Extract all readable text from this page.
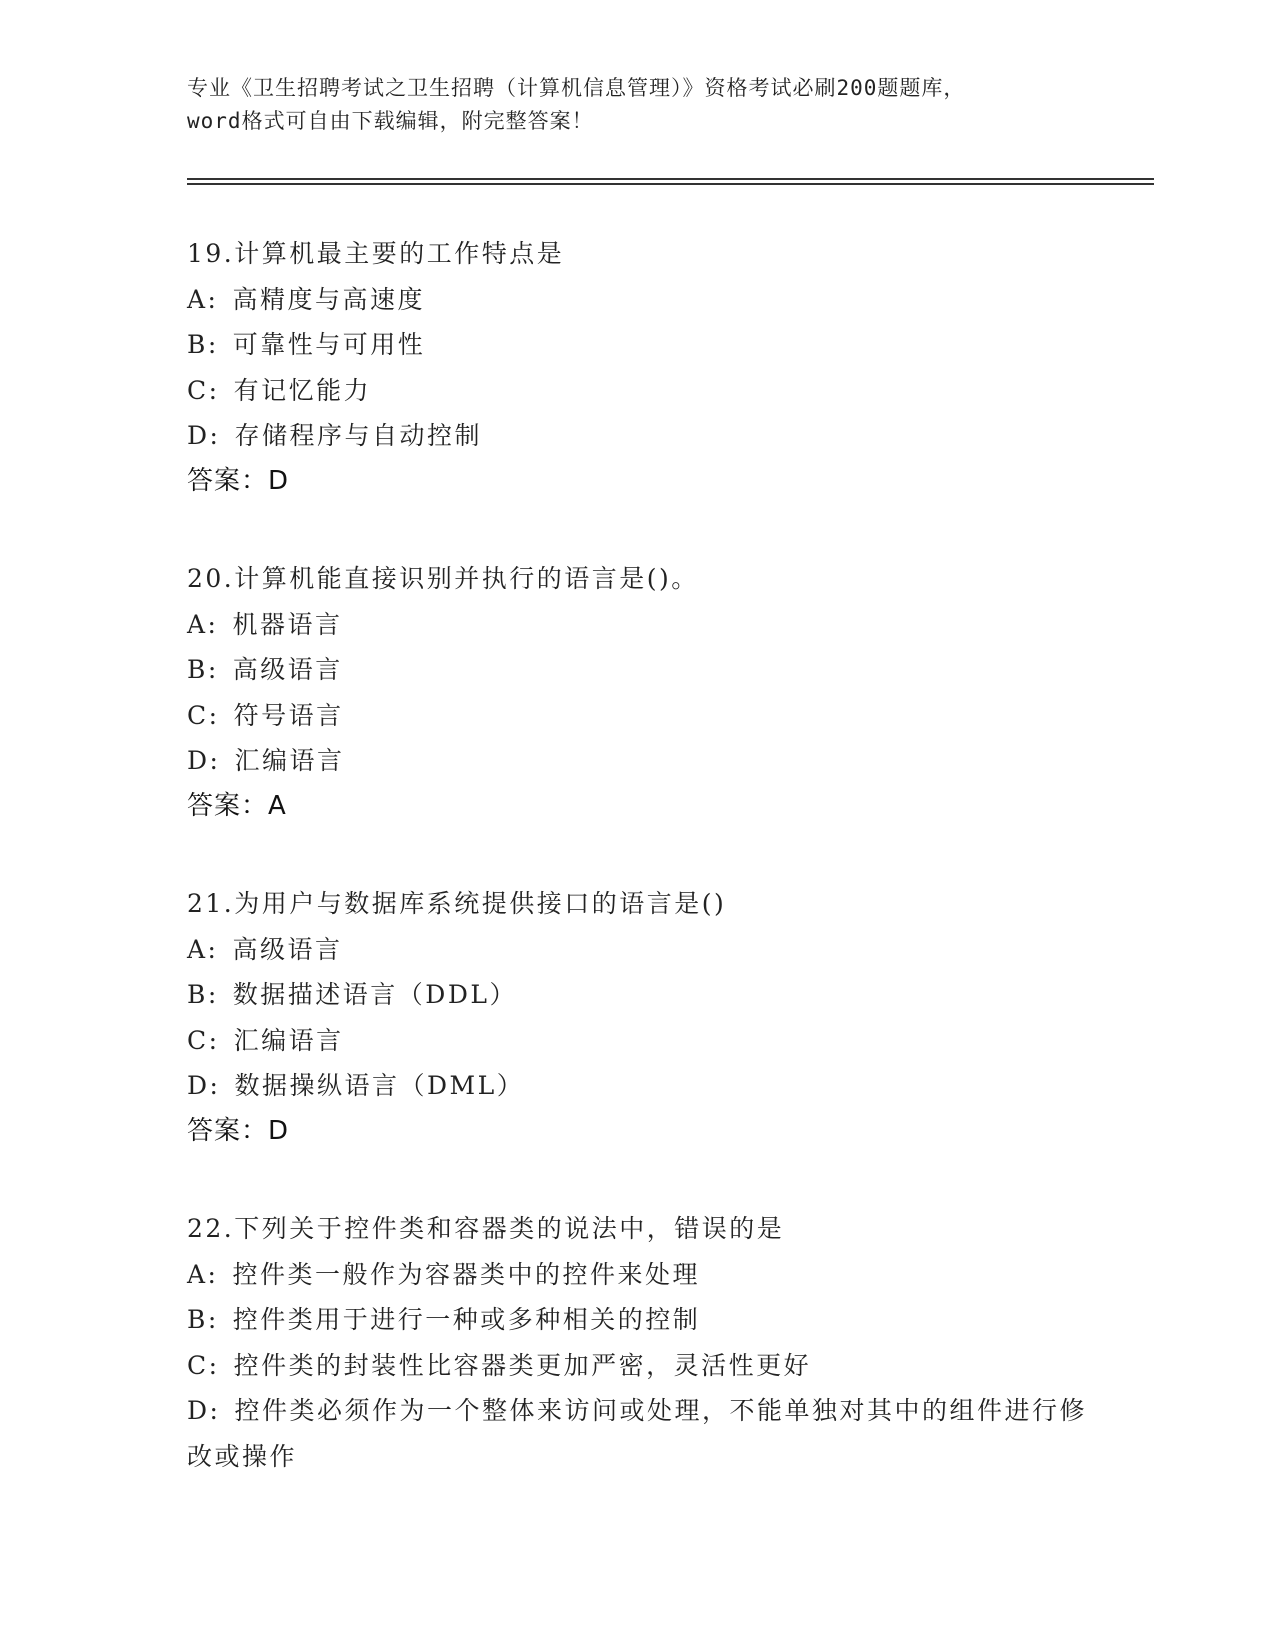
专业《卫生招聘考试之卫生招聘（计算机信息管理）》资格考试必刷200题题库，
word格式可自由下载编辑，附完整答案！
19.计算机最主要的工作特点是
A: 高精度与高速度
B: 可靠性与可用性
C: 有记忆能力
D: 存储程序与自动控制
答案：D
20.计算机能直接识别并执行的语言是()。
A: 机器语言
B: 高级语言
C: 符号语言
D: 汇编语言
答案：A
21.为用户与数据库系统提供接口的语言是()
A: 高级语言
B: 数据描述语言（DDL）
C: 汇编语言
D: 数据操纵语言（DML）
答案：D
22.下列关于控件类和容器类的说法中，错误的是
A: 控件类一般作为容器类中的控件来处理
B: 控件类用于进行一种或多种相关的控制
C: 控件类的封装性比容器类更加严密，灵活性更好
D: 控件类必须作为一个整体来访问或处理，不能单独对其中的组件进行修改或操作
